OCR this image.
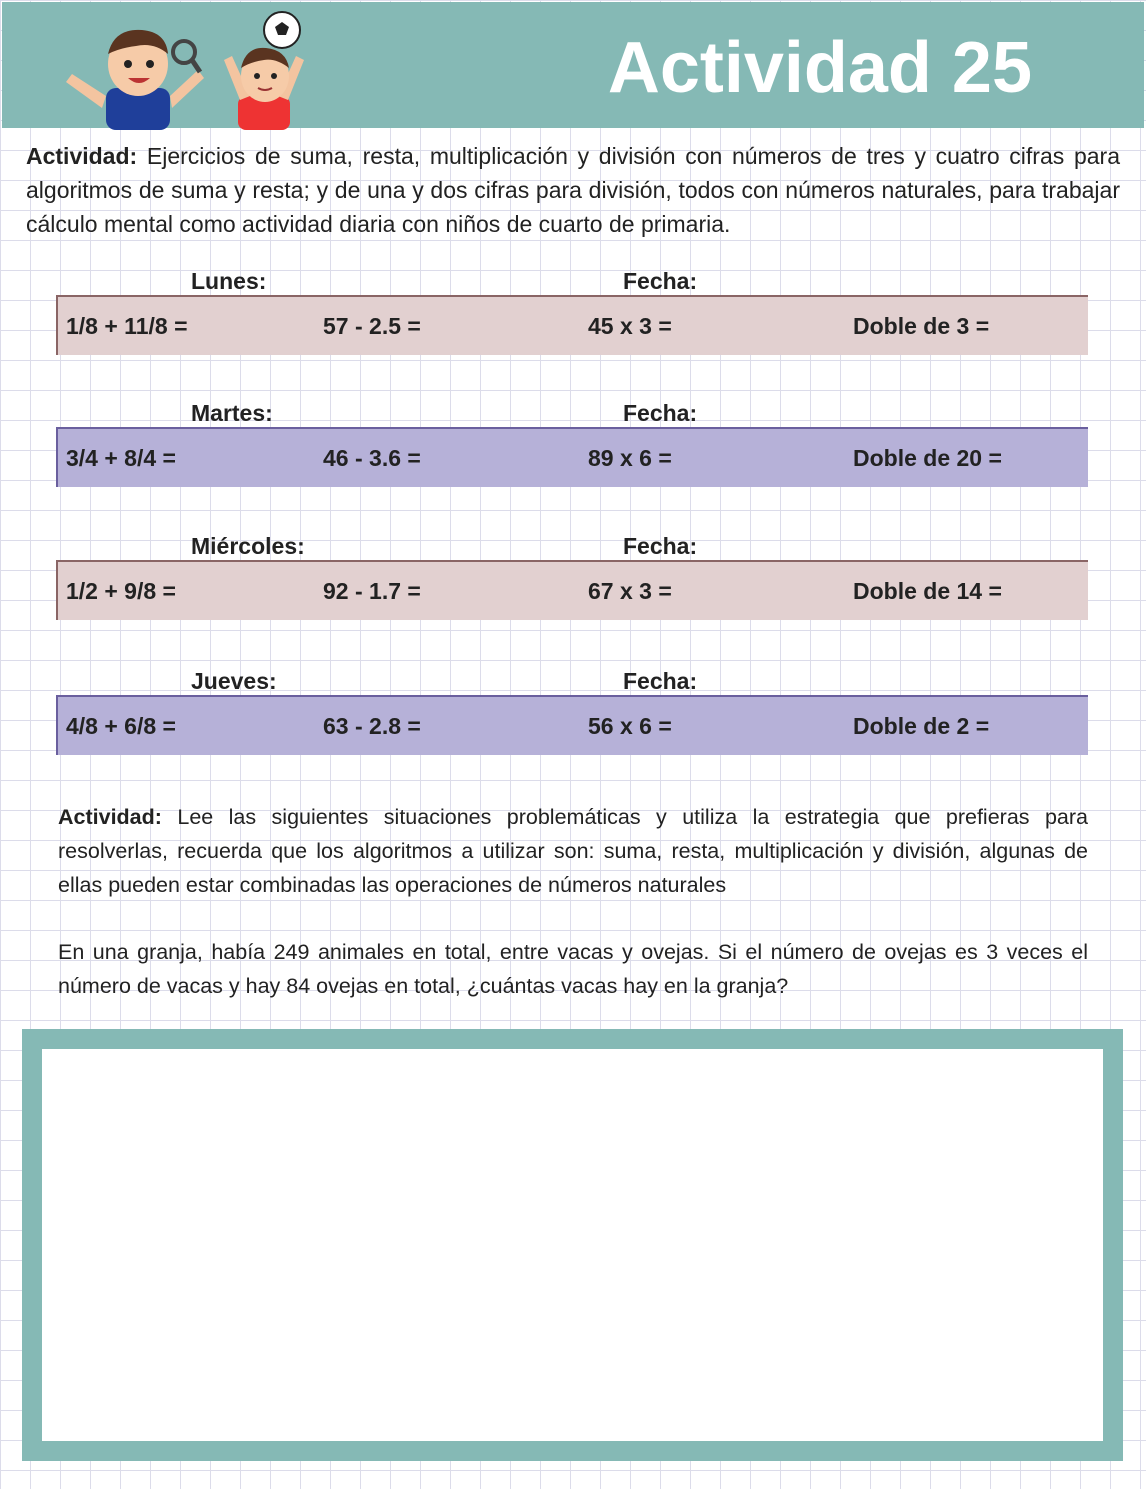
Actividad 25
Actividad: Ejercicios de suma, resta, multiplicación y división con números de tres y cuatro cifras para algoritmos de suma y resta; y de una y dos cifras para división, todos con números naturales, para trabajar cálculo mental como actividad diaria con niños de cuarto de primaria.
Lunes:	Fecha:
1/8 + 11/8 =	57 - 2.5 =	45 x 3 =	Doble de 3 =
Martes:	Fecha:
3/4 + 8/4 =	46 - 3.6 =	89 x 6 =	Doble de 20 =
Miércoles:	Fecha:
1/2 + 9/8 =	92 - 1.7 =	67 x 3 =	Doble de 14 =
Jueves:	Fecha:
4/8 + 6/8 =	63 - 2.8 =	56 x 6 =	Doble de 2 =
Actividad: Lee las siguientes situaciones problemáticas y utiliza la estrategia que prefieras para resolverlas, recuerda que los algoritmos a utilizar son: suma, resta, multiplicación y división, algunas de ellas pueden estar combinadas las operaciones de números naturales
En una granja, había 249 animales en total, entre vacas y ovejas. Si el número de ovejas es 3 veces el número de vacas y hay 84 ovejas en total, ¿cuántas vacas hay en la granja?
